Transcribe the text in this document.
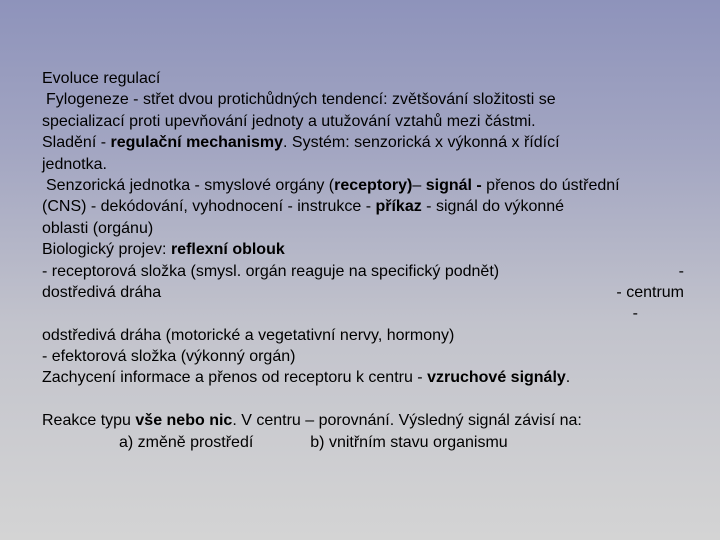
Evoluce regulací
Fylogeneze - střet dvou protichůdných tendencí: zvětšování složitosti se
specializací proti upevňování jednoty a utužování vztahů mezi částmi.
Sladění - regulační mechanismy. Systém: senzorická x výkonná x řídící
jednotka.
Senzorická jednotka - smyslové orgány (receptory)– signál - přenos do ústřední
(CNS) - dekódování, vyhodnocení - instrukce - příkaz - signál do výkonné
oblasti (orgánu)
Biologický projev: reflexní oblouk
- receptorová složka (smysl. orgán reaguje na specifický podnět)	-
dostředivá dráha	- centrum
-
odstředivá dráha (motorické a vegetativní nervy, hormony)
- efektorová složka (výkonný orgán)
Zachycení informace a přenos od receptoru k centru - vzruchové signály.
Reakce typu vše nebo nic. V centru – porovnání. Výsledný signál závisí na:
a) změně prostředí	b) vnitřním stavu organismu
